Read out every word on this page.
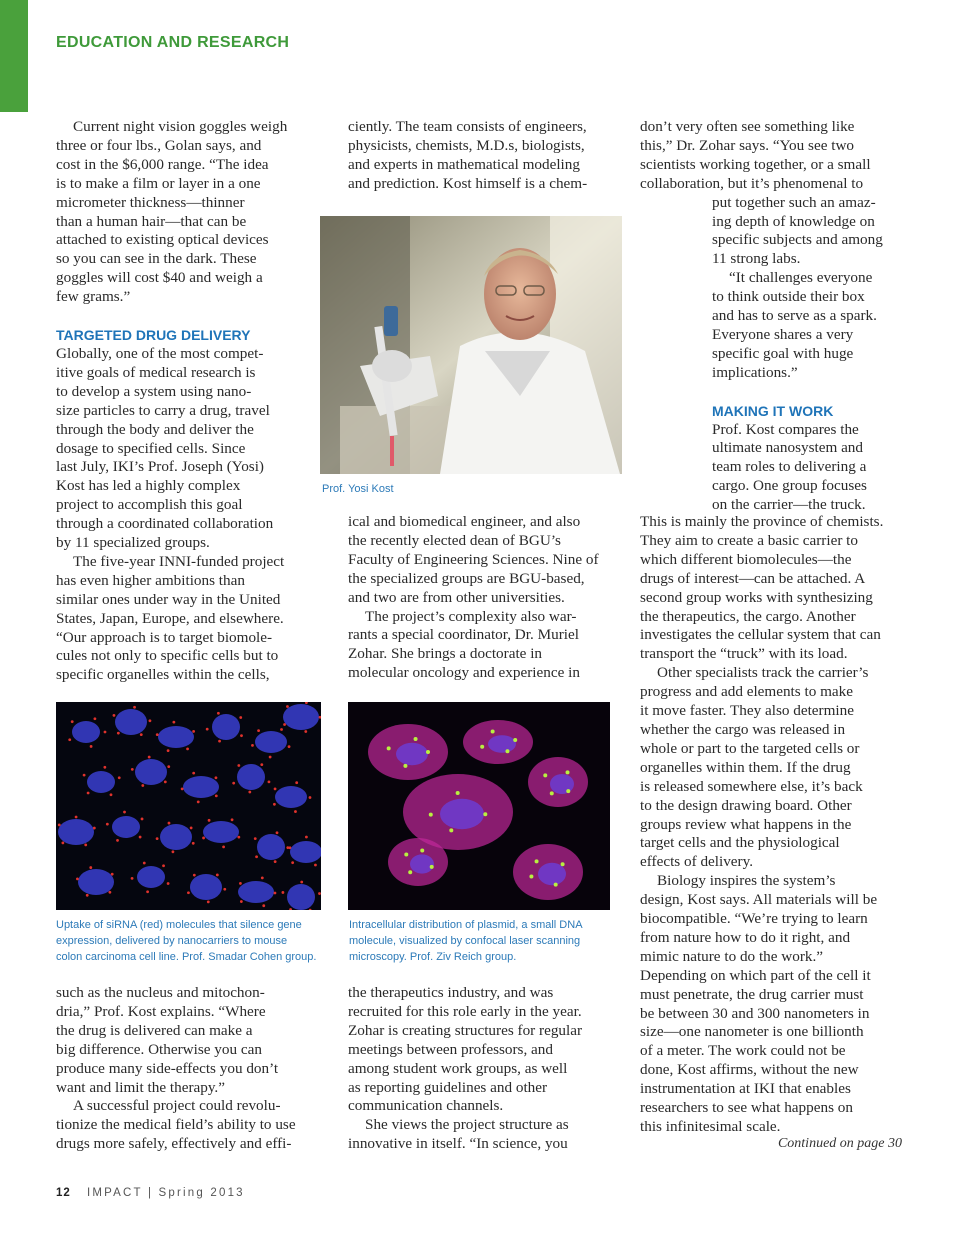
EDUCATION AND RESEARCH

Current night vision goggles weigh
three or four lbs., Golan says, and
cost in the $6,000 range. “The idea
is to make a film or layer in a one
micrometer thickness—thinner
than a human hair—that can be
attached to existing optical devices
so you can see in the dark. These
goggles will cost $40 and weigh a
few grams.”

TARGETED DRUG DELIVERY

Globally, one of the most compet-
itive goals of medical research is
to develop a system using nano-
size particles to carry a drug, travel
through the body and deliver the
dosage to specified cells. Since
last July, IKI’s Prof. Joseph (Yosi)
Kost has led a highly complex
project to accomplish this goal
through a coordinated collaboration
by 11 specialized groups.

The five-year INNI-funded project
has even higher ambitions than
similar ones under way in the United
States, Japan, Europe, and elsewhere.
“Our approach is to target biomole-
cules not only to specific cells but to
specific organelles within the cells,

ciently. The team consists of engineers,
physicists, chemists, M.D.s, biologists,
and experts in mathematical modeling
and prediction. Kost himself is a chem-

Prof. Yosi Kost

ical and biomedical engineer, and also
the recently elected dean of BGU’s
Faculty of Engineering Sciences. Nine of
the specialized groups are BGU-based,
and two are from other universities.

The project’s complexity also war-
rants a special coordinator, Dr. Muriel
Zohar. She brings a doctorate in
molecular oncology and experience in

don’t very often see something like
this,” Dr. Zohar says. “You see two
scientists working together, or a small
collaboration, but it’s phenomenal to

put together such an amaz-
ing depth of knowledge on
specific subjects and among
11 strong labs.

“It challenges everyone
to think outside their box
and has to serve as a spark.
Everyone shares a very
specific goal with huge
implications.”

MAKING IT WORK

Prof. Kost compares the
ultimate nanosystem and
team roles to delivering a
cargo. One group focuses
on the carrier—the truck.

This is mainly the province of chemists.
They aim to create a basic carrier to
which different biomolecules—the
drugs of interest—can be attached. A
second group works with synthesizing
the therapeutics, the cargo. Another
investigates the cellular system that can
transport the “truck” with its load.

Other specialists track the carrier’s
progress and add elements to make
it move faster. They also determine
whether the cargo was released in
whole or part to the targeted cells or
organelles within them. If the drug
is released somewhere else, it’s back
to the design drawing board. Other
groups review what happens in the
target cells and the physiological
effects of delivery.

Biology inspires the system’s
design, Kost says. All materials will be
biocompatible. “We’re trying to learn
from nature how to do it right, and
mimic nature to do the work.”
Depending on which part of the cell it
must penetrate, the drug carrier must
be between 30 and 300 nanometers in
size—one nanometer is one billionth
of a meter. The work could not be
done, Kost affirms, without the new
instrumentation at IKI that enables
researchers to see what happens on
this infinitesimal scale.

Continued on page 30
Uptake of siRNA (red) molecules that silence gene
expression, delivered by nanocarriers to mouse
colon carcinoma cell line. Prof. Smadar Cohen group.
Intracellular distribution of plasmid, a small DNA
molecule, visualized by confocal laser scanning
microscopy. Prof. Ziv Reich group.

such as the nucleus and mitochon-
dria,” Prof. Kost explains. “Where
the drug is delivered can make a
big difference. Otherwise you can
produce many side-effects you don’t
want and limit the therapy.”

A successful project could revolu-
tionize the medical field’s ability to use
drugs more safely, effectively and effi-

the therapeutics industry, and was
recruited for this role early in the year.
Zohar is creating structures for regular
meetings between professors, and
among student work groups, as well
as reporting guidelines and other
communication channels.

She views the project structure as
innovative in itself. “In science, you

12 IMPACT | Spring 2013
